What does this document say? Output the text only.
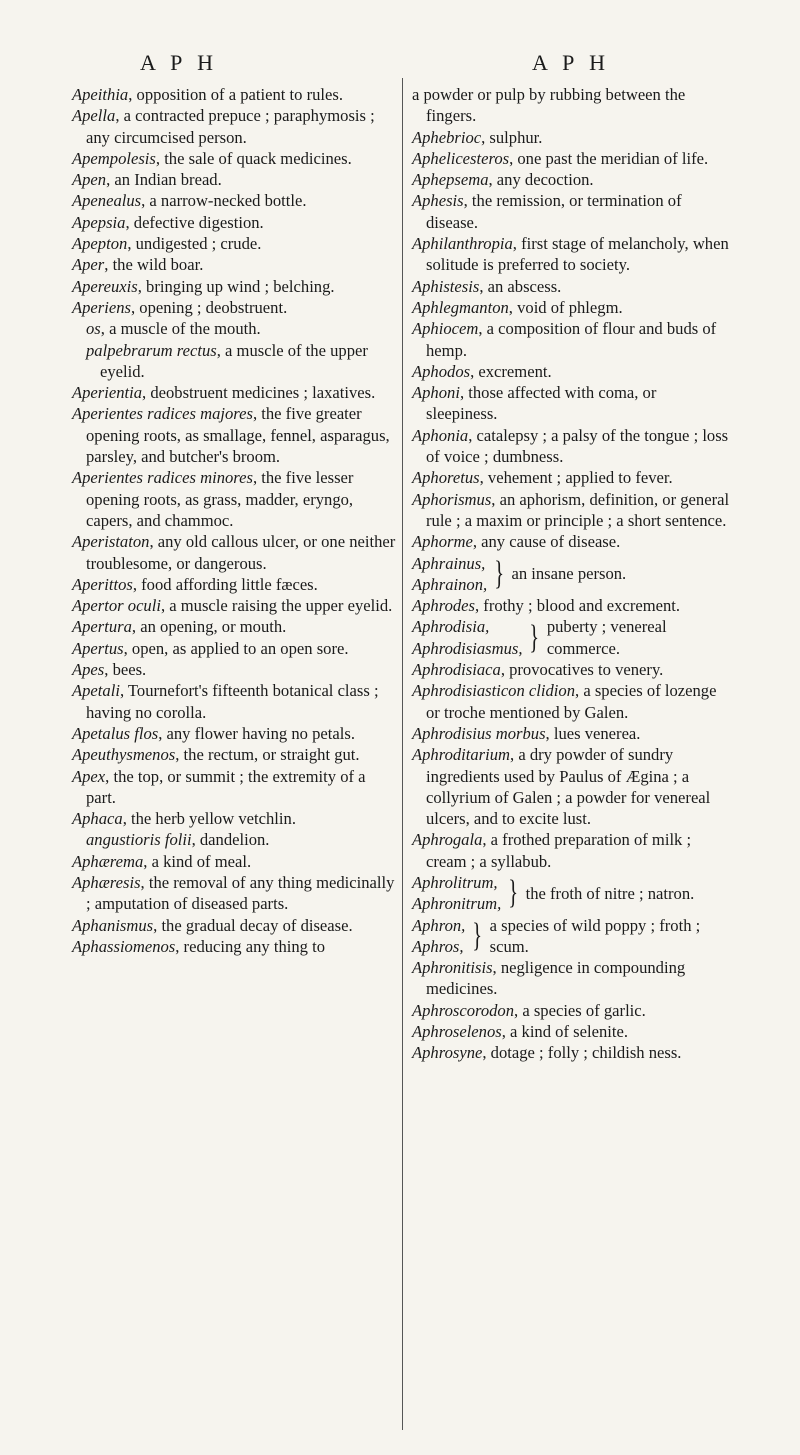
A P H	A P H

Apeithia, opposition of a patient to rules.

Apella, a contracted prepuce ; paraphymosis ; any circumcised person.

Apempolesis, the sale of quack medicines.

Apen, an Indian bread.

Apenealus, a narrow-necked bottle.

Apepsia, defective digestion.

Apepton, undigested ; crude.

Aper, the wild boar.

Apereuxis, bringing up wind ; belching.

Aperiens, opening ; deobstruent.

os, a muscle of the mouth.

palpebrarum rectus, a muscle of the upper eyelid.

Aperientia, deobstruent medicines ; laxatives.

Aperientes radices majores, the five greater opening roots, as smallage, fennel, asparagus, parsley, and butcher's broom.

Aperientes radices minores, the five lesser opening roots, as grass, madder, eryngo, capers, and chammoc.

Aperistaton, any old callous ulcer, or one neither troublesome, or dangerous.

Aperittos, food affording little fæces.

Apertor oculi, a muscle raising the upper eyelid.

Apertura, an opening, or mouth.

Apertus, open, as applied to an open sore.

Apes, bees.

Apetali, Tournefort's fifteenth botanical class ; having no corolla.

Apetalus flos, any flower having no petals.

Apeuthysmenos, the rectum, or straight gut.

Apex, the top, or summit ; the extremity of a part.

Aphaca, the herb yellow vetchlin.

angustioris folii, dandelion.

Aphærema, a kind of meal.

Aphæresis, the removal of any thing medicinally ; amputation of diseased parts.

Aphanismus, the gradual decay of disease.

Aphassiomenos, reducing any thing to

a powder or pulp by rubbing between the fingers.

Aphebrioc, sulphur.

Aphelicesteros, one past the meridian of life.

Aphepsema, any decoction.

Aphesis, the remission, or termination of disease.

Aphilanthropia, first stage of melancholy, when solitude is preferred to society.

Aphistesis, an abscess.

Aphlegmanton, void of phlegm.

Aphiocem, a composition of flour and buds of hemp.

Aphodos, excrement.

Aphoni, those affected with coma, or sleepiness.

Aphonia, catalepsy ; a palsy of the tongue ; loss of voice ; dumbness.

Aphoretus, vehement ; applied to fever.

Aphorismus, an aphorism, definition, or general rule ; a maxim or principle ; a short sentence.

Aphorme, any cause of disease.

Aphrainus,
Aphrainon, } an insane person.

Aphrodes, frothy ; blood and excrement.

Aphrodisia,
Aphrodisiasmus, } puberty ; venereal commerce.

Aphrodisiaca, provocatives to venery.

Aphrodisiasticon clidion, a species of lozenge or troche mentioned by Galen.

Aphrodisius morbus, lues venerea.

Aphroditarium, a dry powder of sundry ingredients used by Paulus of Ægina ; a collyrium of Galen ; a powder for venereal ulcers, and to excite lust.

Aphrogala, a frothed preparation of milk ; cream ; a syllabub.

Aphrolitrum,
Aphronitrum, } the froth of nitre ; natron.
Aphron,
Aphros, } a species of wild poppy ; froth ; scum.

Aphronitisis, negligence in compounding medicines.

Aphroscorodon, a species of garlic.

Aphroselenos, a kind of selenite.

Aphrosyne, dotage ; folly ; childish ness.
